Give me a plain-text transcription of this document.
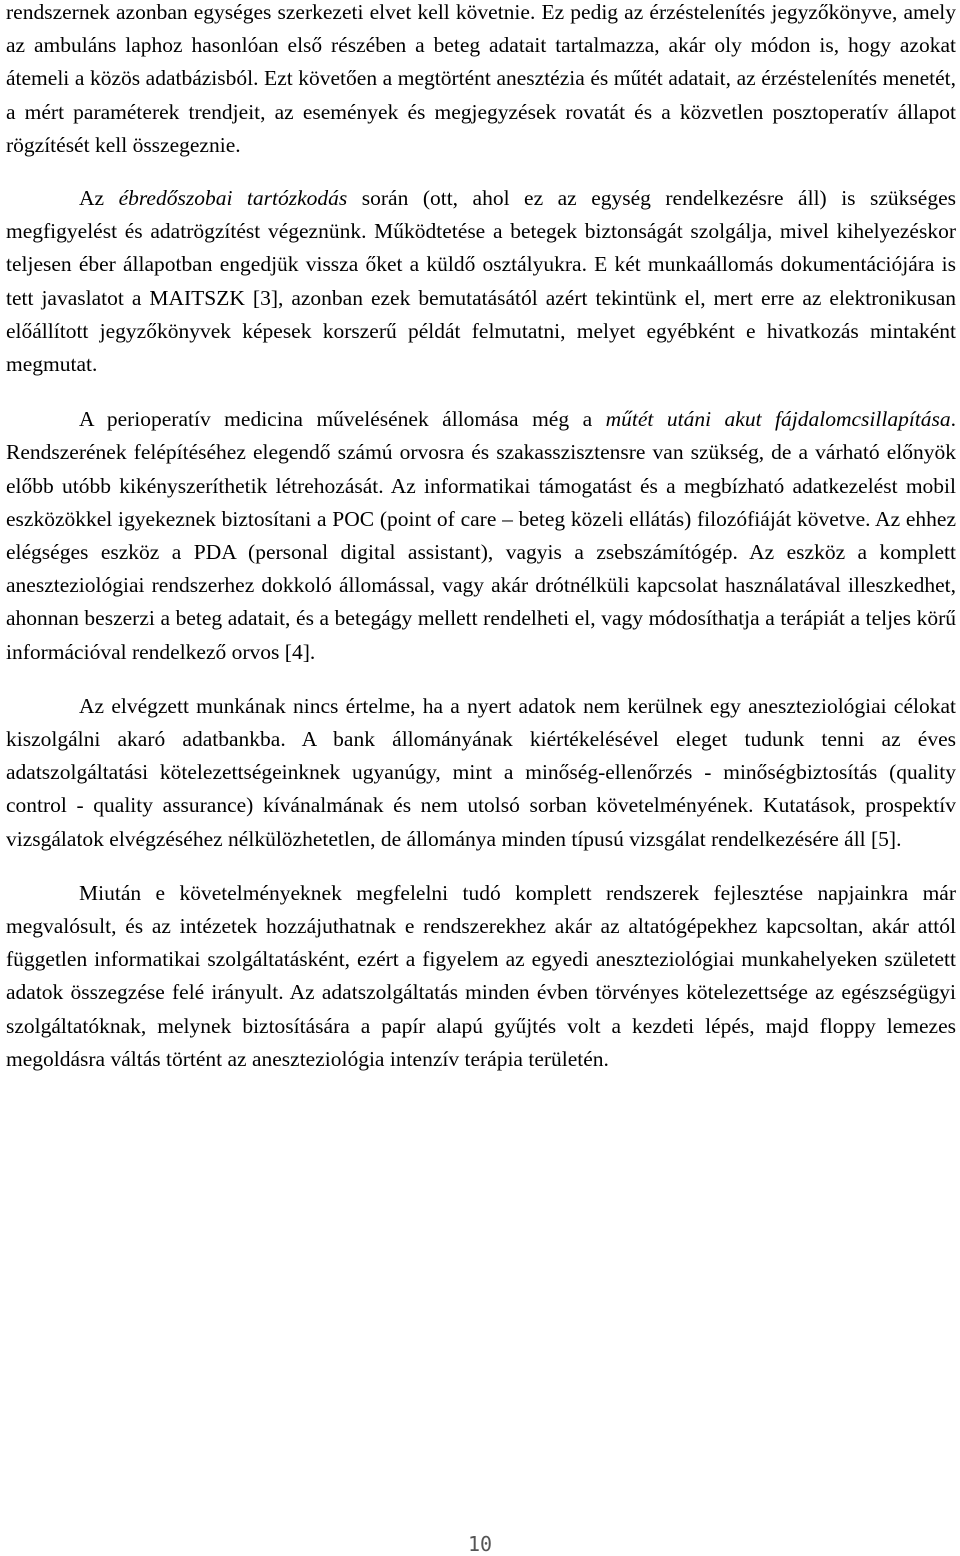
rendszernek azonban egységes szerkezeti elvet kell követnie. Ez pedig az érzéstelenítés jegyzőkönyve, amely az ambuláns laphoz hasonlóan első részében a beteg adatait tartalmazza, akár oly módon is, hogy azokat átemeli a közös adatbázisból. Ezt követően a megtörtént anesztézia és műtét adatait, az érzéstelenítés menetét, a mért paraméterek trendjeit, az események és megjegyzések rovatát és a közvetlen posztoperatív állapot rögzítését kell összegeznie.

Az ébredőszobai tartózkodás során (ott, ahol ez az egység rendelkezésre áll) is szükséges megfigyelést és adatrögzítést végeznünk. Működtetése a betegek biztonságát szolgálja, mivel kihelyezéskor teljesen éber állapotban engedjük vissza őket a küldő osztályukra. E két munkaállomás dokumentációjára is tett javaslatot a MAITSZK [3], azonban ezek bemutatásától azért tekintünk el, mert erre az elektronikusan előállított jegyzőkönyvek képesek korszerű példát felmutatni, melyet egyébként e hivatkozás mintaként megmutat.

A perioperatív medicina művelésének állomása még a műtét utáni akut fájdalomcsillapítása. Rendszerének felépítéséhez elegendő számú orvosra és szakasszisztensre van szükség, de a várható előnyök előbb utóbb kikényszeríthetik létrehozását. Az informatikai támogatást és a megbízható adatkezelést mobil eszközökkel igyekeznek biztosítani a POC (point of care – beteg közeli ellátás) filozófiáját követve. Az ehhez elégséges eszköz a PDA (personal digital assistant), vagyis a zsebszámítógép. Az eszköz a komplett aneszteziológiai rendszerhez dokkoló állomással, vagy akár drótnélküli kapcsolat használatával illeszkedhet, ahonnan beszerzi a beteg adatait, és a betegágy mellett rendelheti el, vagy módosíthatja a terápiát a teljes körű információval rendelkező orvos [4].

Az elvégzett munkának nincs értelme, ha a nyert adatok nem kerülnek egy aneszteziológiai célokat kiszolgálni akaró adatbankba. A bank állományának kiértékelésével eleget tudunk tenni az éves adatszolgáltatási kötelezettségeinknek ugyanúgy, mint a minőség-ellenőrzés - minőségbiztosítás (quality control - quality assurance) kívánalmának és nem utolsó sorban követelményének. Kutatások, prospektív vizsgálatok elvégzéséhez nélkülözhetetlen, de állománya minden típusú vizsgálat rendelkezésére áll [5].

Miután e követelményeknek megfelelni tudó komplett rendszerek fejlesztése napjainkra már megvalósult, és az intézetek hozzájuthatnak e rendszerekhez akár az altatógépekhez kapcsoltan, akár attól független informatikai szolgáltatásként, ezért a figyelem az egyedi aneszteziológiai munkahelyeken született adatok összegzése felé irányult. Az adatszolgáltatás minden évben törvényes kötelezettsége az egészségügyi szolgáltatóknak, melynek biztosítására a papír alapú gyűjtés volt a kezdeti lépés, majd floppy lemezes megoldásra váltás történt az aneszteziológia intenzív terápia területén.

10
